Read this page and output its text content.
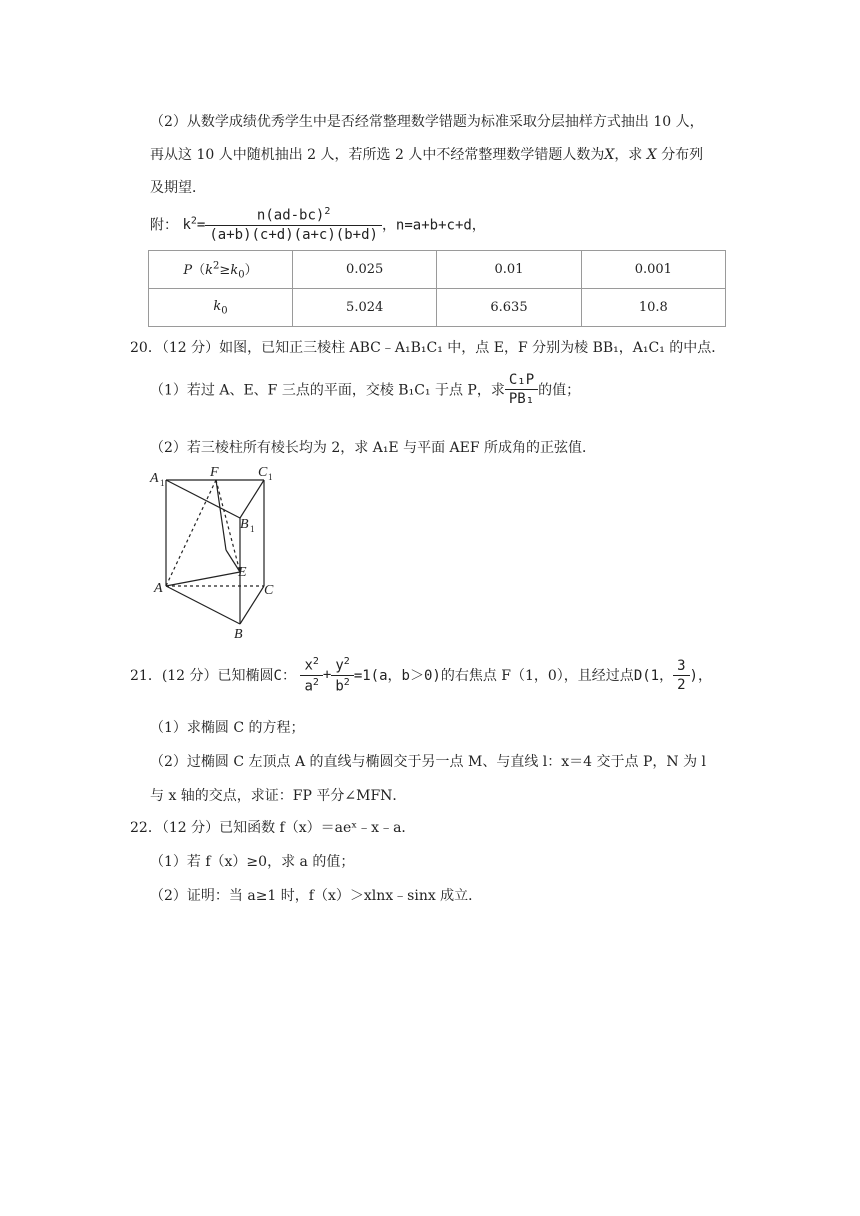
（2）从数学成绩优秀学生中是否经常整理数学错题为标准采取分层抽样方式抽出 10 人，
再从这 10 人中随机抽出 2 人，若所选 2 人中不经常整理数学错题人数为X，求 X 分布列
及期望．
附： $k^2= \frac{n(ad-bc)^2}{(a+b)(c+d)(a+c)(b+d)}$ ，n=a+b+c+d，
$P(k^2\ge k_0)$	0.025	0.01	0.001
$k_0$	5.024	6.635	10.8
20．（12 分）如图，已知正三棱柱 ABC﹣A₁B₁C₁ 中，点 E，F 分别为棱 BB₁，A₁C₁ 的中点．
（1）若过 A、E、F 三点的平面，交棱 B₁C₁ 于点 P，求 $\frac{\text{C₁P}}{\text{PB₁}}$ 的值；
（2）若三棱柱所有棱长均为 2，求 A₁E 与平面 AEF 所成角的正弦值．
A 1
F	C 1
B 1
E
A	C
B
21．(12 分）已知椭圆C： $\frac{x^2}{a^2} + \frac{y^2}{b^2} =1(a$，b＞0)的右焦点 F（1，0），且经过点D(1， $\frac{3}{2}$ )，
（1）求椭圆 C 的方程；
（2）过椭圆 C 左顶点 A 的直线与椭圆交于另一点 M、与直线 l：x＝4 交于点 P，N 为 l
与 x 轴的交点，求证：FP 平分∠MFN．
22．（12 分）已知函数 f（x）＝aeˣ﹣x﹣a．
（1）若 f（x）≥0，求 a 的值；
（2）证明：当 a≥1 时，f（x）＞xlnx﹣sinx 成立．
